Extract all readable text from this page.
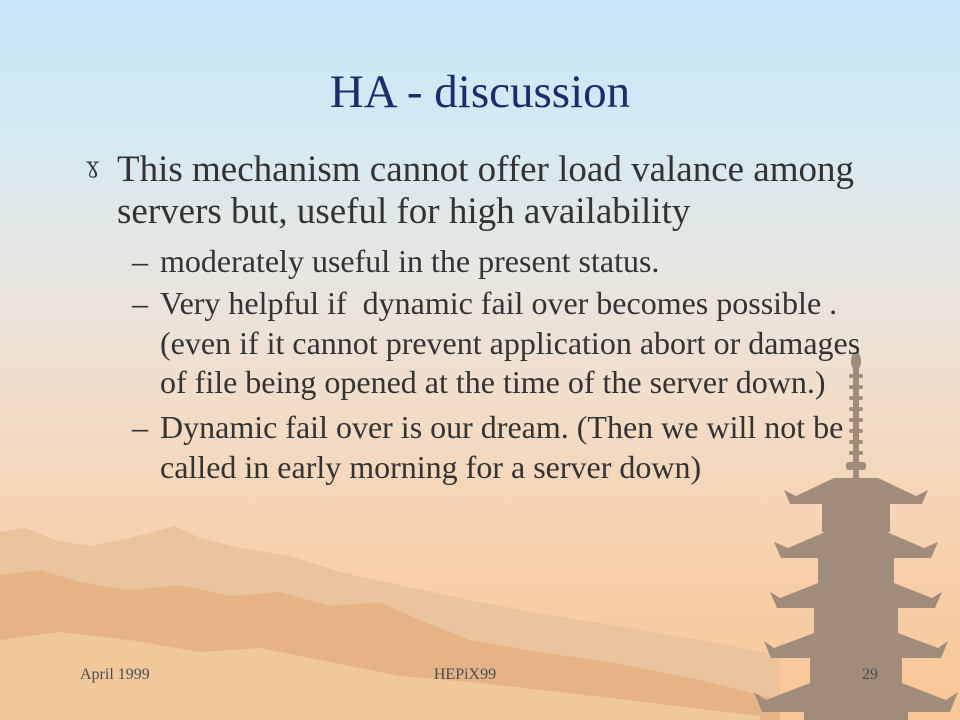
HA - discussion
ɣ This mechanism cannot offer load valance among
servers but, useful for high availability
– moderately useful in the present status.
– Very helpful if  dynamic fail over becomes possible .
(even if it cannot prevent application abort or damages
of file being opened at the time of the server down.)
– Dynamic fail over is our dream. (Then we will not be
called in early morning for a server down)
April 1999	HEPiX99	29
